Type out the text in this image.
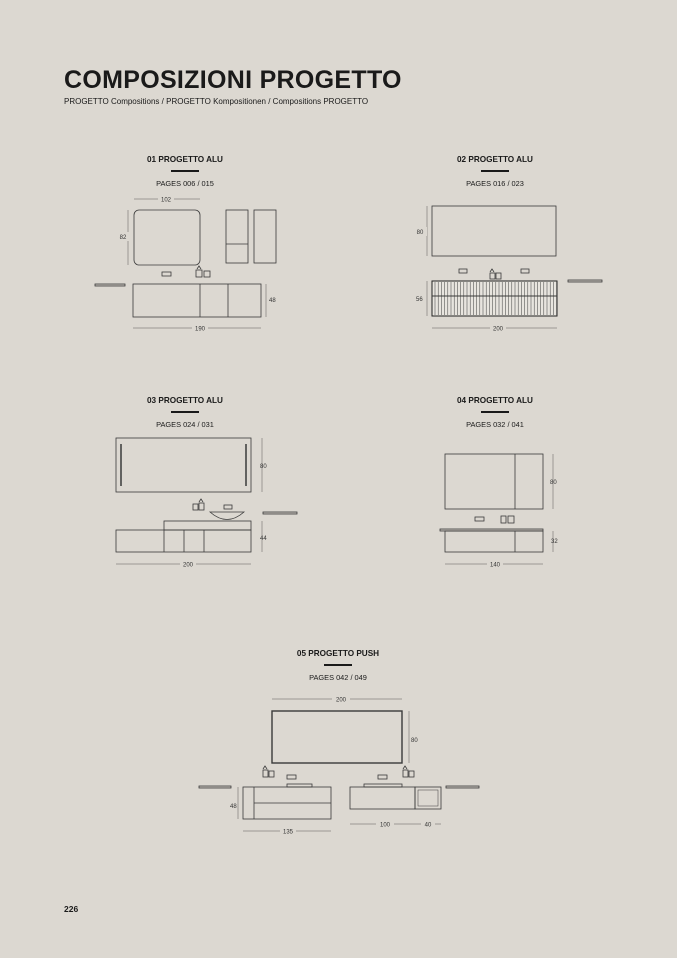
COMPOSIZIONI PROGETTO
PROGETTO Compositions / PROGETTO Kompositionen / Compositions PROGETTO
01 PROGETTO ALU
PAGES 006 / 015
102
82
48
190
02 PROGETTO ALU
PAGES 016 / 023
80
56
200
03 PROGETTO ALU
PAGES 024 / 031
80
44
200
04 PROGETTO ALU
PAGES 032 / 041
80
32
140
05 PROGETTO PUSH
PAGES 042 / 049
200
80
48
135
100	40
226
